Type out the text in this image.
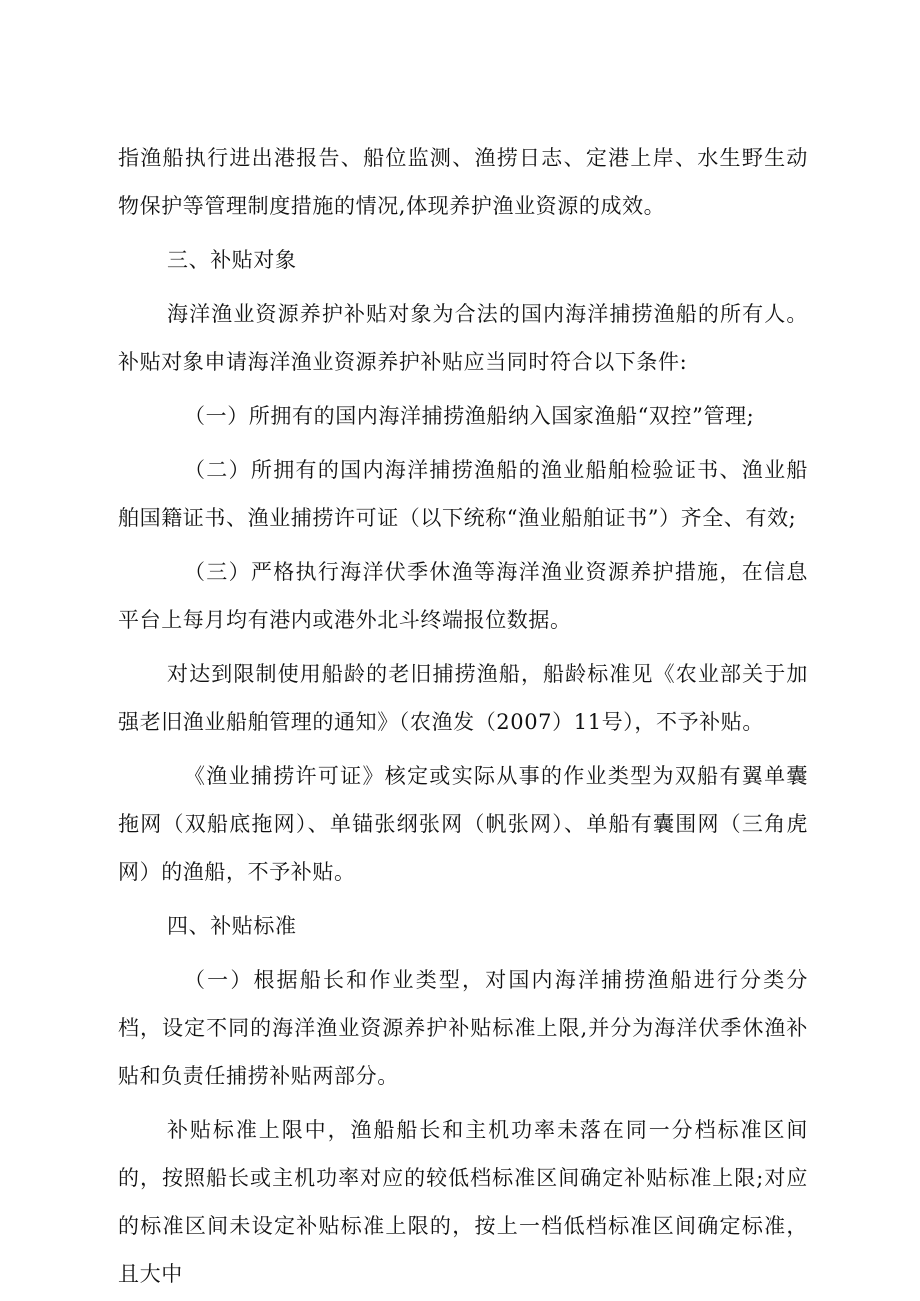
指渔船执行进出港报告、船位监测、渔捞日志、定港上岸、水生野生动物保护等管理制度措施的情况,体现养护渔业资源的成效。

三、补贴对象

海洋渔业资源养护补贴对象为合法的国内海洋捕捞渔船的所有人。补贴对象申请海洋渔业资源养护补贴应当同时符合以下条件:

（一）所拥有的国内海洋捕捞渔船纳入国家渔船“双控”管理;

（二）所拥有的国内海洋捕捞渔船的渔业船舶检验证书、渔业船舶国籍证书、渔业捕捞许可证（以下统称“渔业船舶证书”）齐全、有效;

（三）严格执行海洋伏季休渔等海洋渔业资源养护措施，在信息平台上每月均有港内或港外北斗终端报位数据。

对达到限制使用船龄的老旧捕捞渔船，船龄标准见《农业部关于加强老旧渔业船舶管理的通知》（农渔发（2007）11号），不予补贴。

《渔业捕捞许可证》核定或实际从事的作业类型为双船有翼单囊拖网（双船底拖网）、单锚张纲张网（帆张网）、单船有囊围网（三角虎网）的渔船，不予补贴。

四、补贴标准

（一）根据船长和作业类型，对国内海洋捕捞渔船进行分类分档，设定不同的海洋渔业资源养护补贴标准上限,并分为海洋伏季休渔补贴和负责任捕捞补贴两部分。

补贴标准上限中，渔船船长和主机功率未落在同一分档标准区间的，按照船长或主机功率对应的较低档标准区间确定补贴标准上限;对应的标准区间未设定补贴标准上限的，按上一档低档标准区间确定标准，且大中
